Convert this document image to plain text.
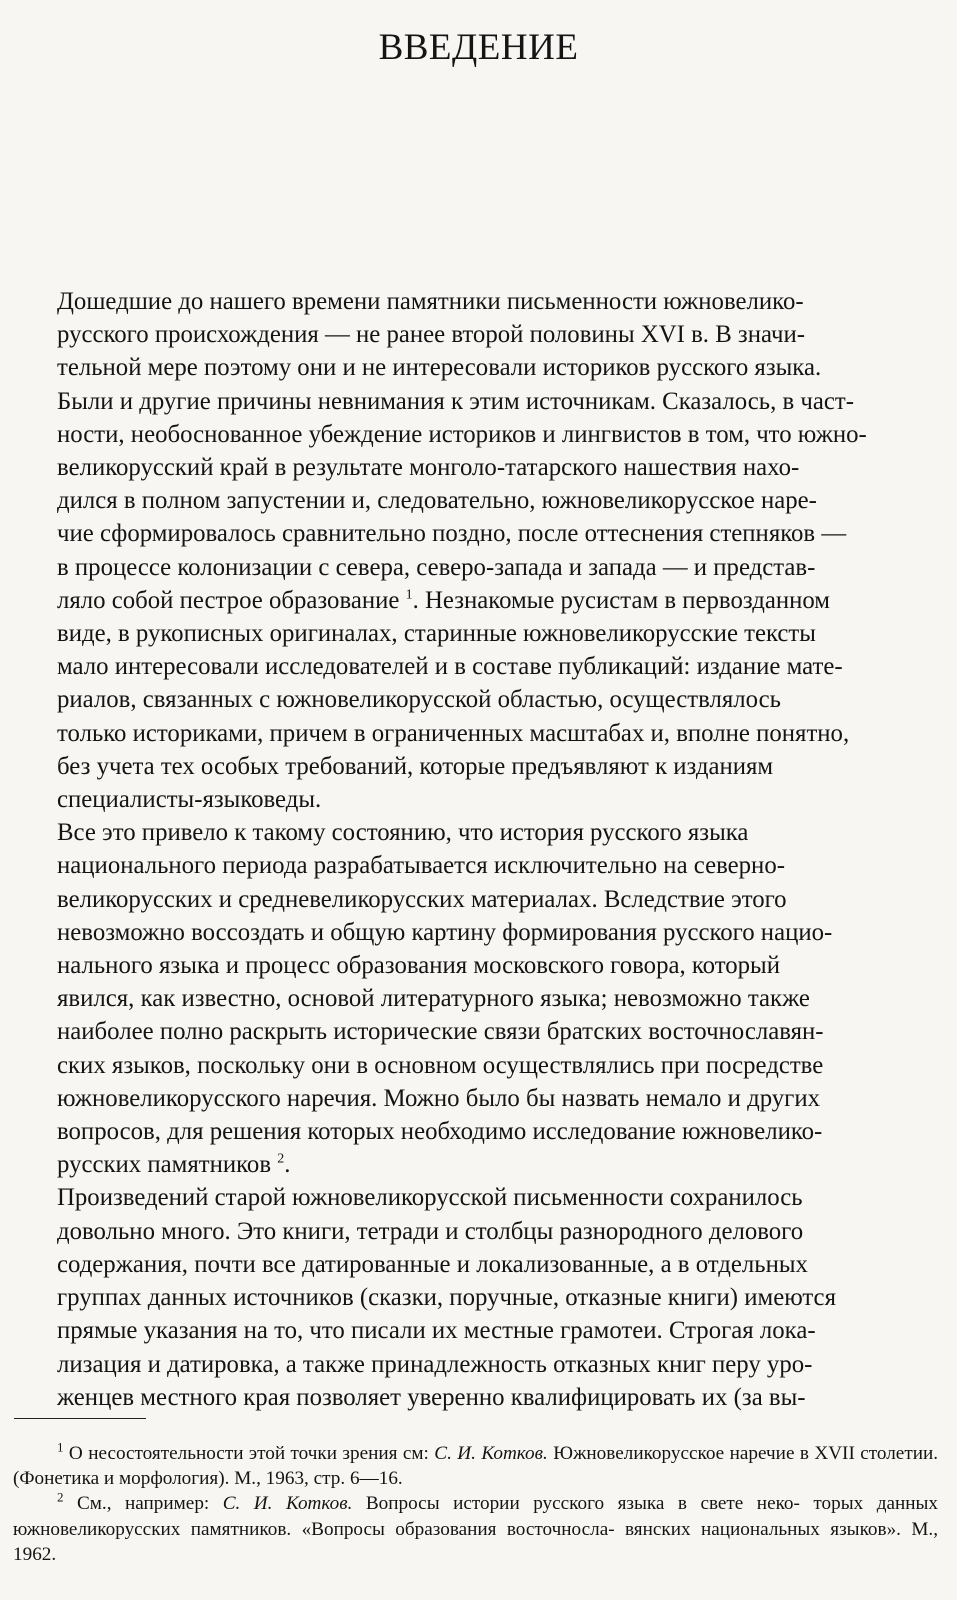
ВВЕДЕНИЕ

Дошедшие до нашего времени памятники письменности южновелико-
русского происхождения — не ранее второй половины XVI в. В значи-
тельной мере поэтому они и не интересовали историков русского языка.
Были и другие причины невнимания к этим источникам. Сказалось, в част-
ности, необоснованное убеждение историков и лингвистов в том, что южно-
великорусский край в результате монголо-татарского нашествия нахо-
дился в полном запустении и, следовательно, южновеликорусское наре-
чие сформировалось сравнительно поздно, после оттеснения степняков —
в процессе колонизации с севера, северо-запада и запада — и представ-
ляло собой пестрое образование $^1$. Незнакомые русистам в первозданном
виде, в рукописных оригиналах, старинные южновеликорусские тексты
мало интересовали исследователей и в составе публикаций: издание мате-
риалов, связанных с южновеликорусской областью, осуществлялось
только историками, причем в ограниченных масштабах и, вполне понятно,
без учета тех особых требований, которые предъявляют к изданиям
специалисты-языковеды.

Все это привело к такому состоянию, что история русского языка
национального периода разрабатывается исключительно на северно-
великорусских и средневеликорусских материалах. Вследствие этого
невозможно воссоздать и общую картину формирования русского нацио-
нального языка и процесс образования московского говора, который
явился, как известно, основой литературного языка; невозможно также
наиболее полно раскрыть исторические связи братских восточнославян-
ских языков, поскольку они в основном осуществлялись при посредстве
южновеликорусского наречия. Можно было бы назвать немало и других
вопросов, для решения которых необходимо исследование южновелико-
русских памятников $^2$.

Произведений старой южновеликорусской письменности сохранилось
довольно много. Это книги, тетради и столбцы разнородного делового
содержания, почти все датированные и локализованные, а в отдельных
группах данных источников (сказки, поручные, отказные книги) имеются
прямые указания на то, что писали их местные грамотеи. Строгая лока-
лизация и датировка, а также принадлежность отказных книг перу уро-
женцев местного края позволяет уверенно квалифицировать их (за вы-

$^1$ О несостоятельности этой точки зрения см: С. И. Котков. Южновеликорусское наречие в XVII столетии. (Фонетика и морфология). М., 1963, стр. 6—16.

$^2$ См., например: С. И. Котков. Вопросы истории русского языка в свете неко- торых данных южновеликорусских памятников. «Вопросы образования восточносла- вянских национальных языков». М., 1962.
